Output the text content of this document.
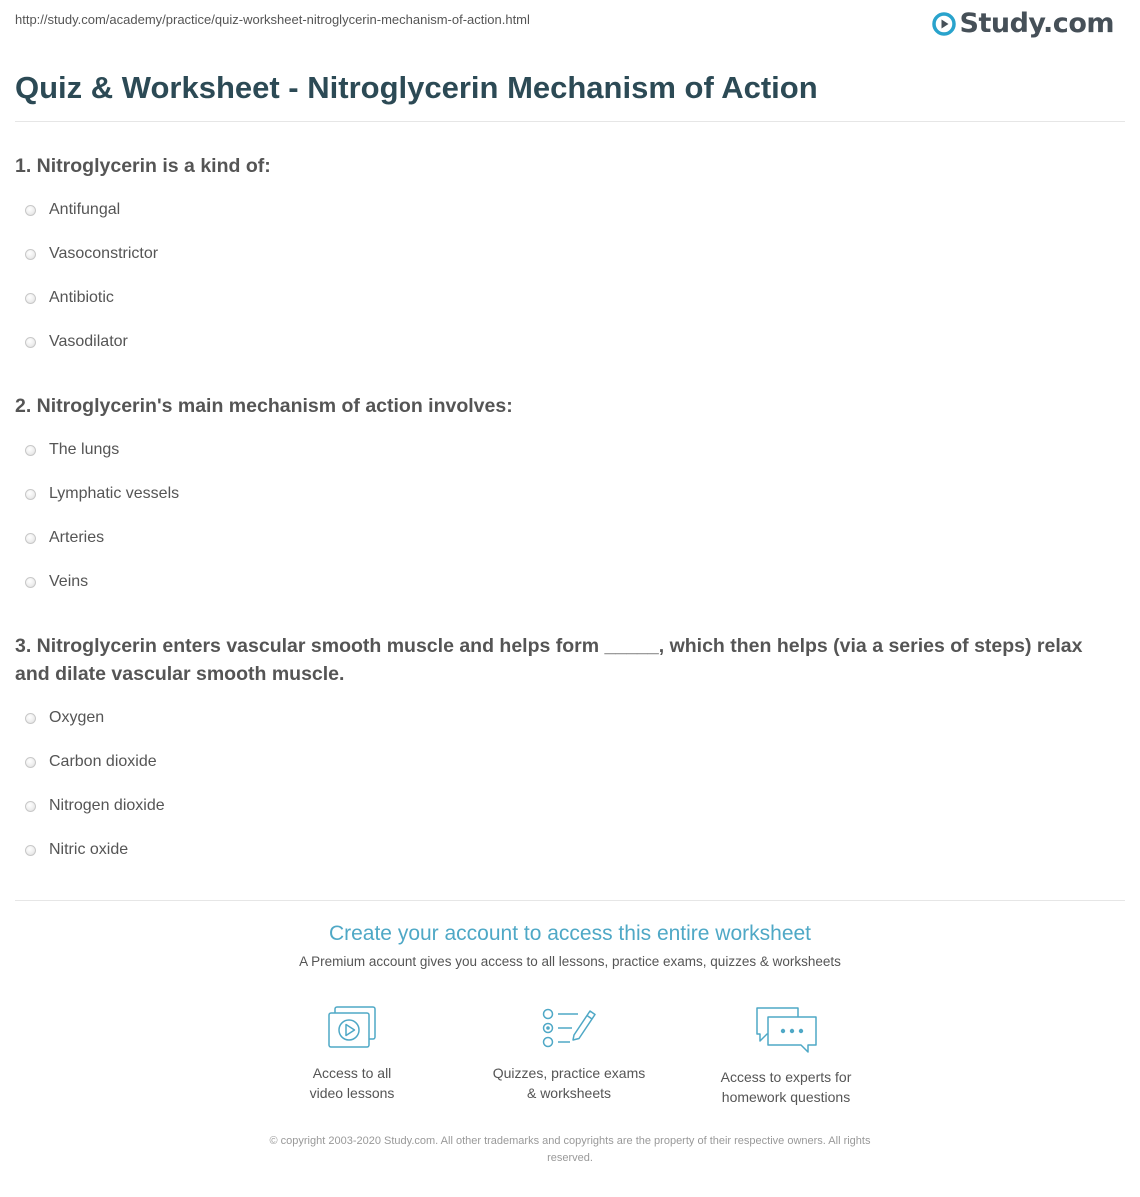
http://study.com/academy/practice/quiz-worksheet-nitroglycerin-mechanism-of-action.html	Study.com
Quiz & Worksheet - Nitroglycerin Mechanism of Action

1. Nitroglycerin is a kind of:

Antifungal
Vasoconstrictor
Antibiotic
Vasodilator

2. Nitroglycerin's main mechanism of action involves:

The lungs
Lymphatic vessels
Arteries
Veins

3. Nitroglycerin enters vascular smooth muscle and helps form _____, which then helps (via a series of steps) relax
and dilate vascular smooth muscle.

Oxygen
Carbon dioxide
Nitrogen dioxide
Nitric oxide
Create your account to access this entire worksheet
A Premium account gives you access to all lessons, practice exams, quizzes & worksheets
Access to all
video lessons
Quizzes, practice exams
& worksheets
Access to experts for
homework questions
© copyright 2003-2020 Study.com. All other trademarks and copyrights are the property of their respective owners. All rights
reserved.
